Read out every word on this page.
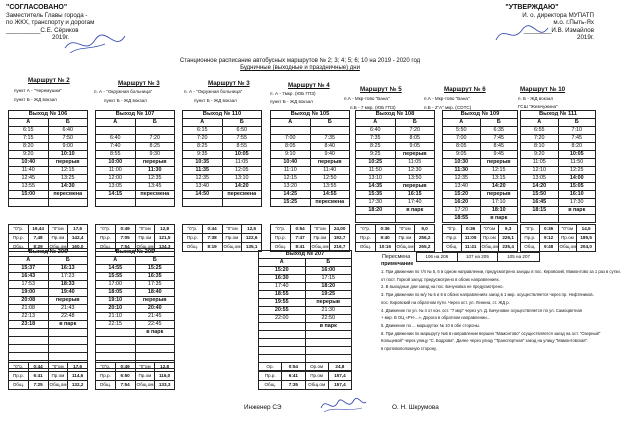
"СОГЛАСОВАНО"
Заместитель Главы города -
по ЖКХ, транспорту и дорогам
__________С.Е. Сёриков
2019г.
"УТВЕРЖДАЮ"
И. о. директора МУПАТП
м.о. г.Пыть-Ях
________И.В. Измайлов
2019г.
Станционное расписание автобусных маршрутов № 2; 3; 4; 5; 6; 10 на 2019 - 2020 год
Будничные (выходные и праздничные) дни
Маршрут № 2
пункт А - "Черемушки"
пункт Б - ЖД вокзал
Маршрут № 3
п. А - "Окружная больница"
пункт Б - ЖД вокзал
Маршрут № 3
п. А - "Окружная больница"
пункт Б - ЖД вокзал
Маршрут № 4
п. А - 7мкр. (ЮБ ГПЗ)
пункт Б - ЖД вокзал
Маршрут № 5
п.А - Мкр-тово "Бана"
п.Б - 7 мкр. (ЮБ ГПЗ)
Маршрут № 6
п.А - Мкр-тово "Бана"
п.Б - 2"А" мкр. (СОТС)
Маршрут № 10
п. Б - ЖД вокзал
ГСШ "Жемчужина"
Выход № 106	
А	Б
6:15	6:40
7:15	7:50
8:20	9:00
9:20	10:10
10:40	перерыв
11:40	12:15
12:45	13:25
13:55	14:30
15:00	пересмена

"0"р.	19,44	"0"ом	17,6
Пр.р.	7,48	Пр.ом	142,4
Общ.	8:29	Общ.ом	160,0
Выход № 107	
А	Б

6:40	7:20
7:40	8:25
8:55	9:30
10:00	перерыв
11:00	11:30
12:00	12:35
13:05	13:45
14:15	пересмена

"0"р.	0:49	"0"ом	12,8
Пр.р.	7:05	Пр.ом	121,5
Общ.	7:54	Общ.ом	134,3
Выход № 110	
А	Б
6:15	6:50
7:20	7:55
8:25	8:55
9:35	10:05
10:35	11:05
11:35	12:05
12:35	13:10
13:40	14:20
14:50	пересмена

"0"р.	0:44	"0"ом	12,5
Пр.р.	7:38	Пр.ом	122,6
Общ.	8:19	Общ.ом	135,1
Выход № 105	
А	Б

7:00	7:35
8:05	8:40
9:10	9:40
10:40	перерыв
11:10	11:40
12:15	12:50
13:20	13:55
14:25	14:55
15:25	пересмена
"0"р.	0:54	"0"ом	24,00
Пр.р.	7:47	Пр.ом	192,7
Общ.	8:41	Общ.ом	216,7
Выход № 108	
А	Б
6:40	7:20
7:35	8:05
8:25	9:05
9:25	перерыв
10:25	11:05
11:50	12:30
13:10	13:50
14:35	перерыв
15:35	16:15
17:30	17:40
18:20	в парк

"0"р.	0:36	"0"ом	9,0
Пр.р.	9:40	Пр.ом	256,2
Общ.	10:16	Общ.ом	265,2
Выход № 109	
А	Б
5:50	6:35
7:00	7:45
8:05	8:45
9:05	9:45
10:30	перерыв
11:30	12:15
12:35	13:15
13:40	14:20
15:20	перерыв
16:20	17:10
17:20	18:10
18:55	в парк
"0"р.	0:36	"0"ом	9,3
Пр.р.	11:05	Пр.ом	226,1
Общ.	11:41	Общ.ом	235,4
Выход № 111	
А	Б
6:55	7:10
7:20	7:45
8:10	8:20
9:20	10:05
11:05	11:50
12:10	12:25
13:05	14:00
14:20	15:05
15:50	16:10
16:45	17:30
18:15	в парк

"0"р.	0:36	"0"ом	14,5
Пр.р.	9:12	Пр.ом	189,5
Общ.	9:48	Общ.ом	204,0
Выход № 206	
А	Б
15:37	16:13
16:43	17:23
17:53	18:33
19:00	19:40
20:08	перерыв
21:08	21:43
22:13	22:48
23:18	в парк

"0"р.	0:44	"0"ом	17,6
Пр.р.	6:41	Пр.ом	114,6
Общ.	7:25	Общ.ом	132,2
Выход № 205	
А	Б
14:55	15:25
15:55	16:35
17:00	17:35
18:05	18:40
19:10	перерыв
20:10	20:40
21:10	21:45
22:15	22:45
	в парк

"0"р.	0:49	"0"ом	12,8
Пр.р.	6:50	Пр.ом	116,0
Общ.	7:54	Общ.ом	133,3
Выход № 207	
А	Б
15:20	16:00
16:30	17:15
17:40	18:20
18:55	19:25
19:55	перерыв
20:55	21:30
22:00	22:50
	в парк

Ор.	0:54	Ор.ом	24,8
Пр.р.	6:41	Пр.ом	157,4
Общ.	7:35	Общ.ом	157,4
Пересмена
примечание
106 на 206	107 на 205	105 на 207

1. При движении по т/п № 5, 6 в одном направлении, предусмотрено заезды в пос. Кировский, Мамонтово за 1 раз в сутки.

от пост. Горкой заезд: предусмотрено в обоих направлениях.

2. В выходные дни заезд на пос. Бачуновка не предусмотрено.

3. При движении по м/у № 5 и 6 в обоих направлениях заезд в 1 мкр. осуществляется через пр. Нефтяников.

пос. Кировский на обратном пути. Через ост. ул. Ленина, ст. ЖД р.

4. Движение по ул. № 4 от кон. ост. "7 мкр" через ул. Д. Бачуновке осуществляется по ул. Самоцветная

+ мкр. В ОЦ «РН-...». Дорога в обратном направлении...

5. Движение по ... маршрутах № 10 в обе стороны.

6. При движении по маршруту №5 в направлении вершин "Мамонтово" осуществляется заезд на ост. "Озерный"

Кольцевой" через улицу "С. Бодрова". Далее через улицу "Транспортная" заезд на улицу "Мамонтовская".

в противоположную сторону.

Инженер СЭ	О. Н. Шкрумова
